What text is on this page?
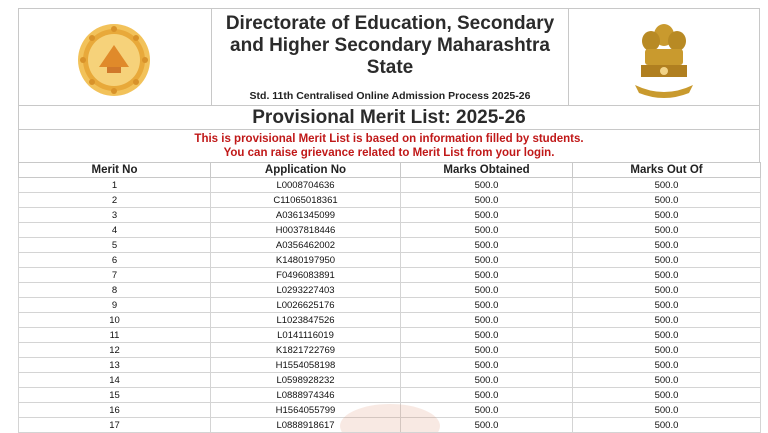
Directorate of Education, Secondary and Higher Secondary Maharashtra State
Std. 11th Centralised Online Admission Process 2025-26
Provisional Merit List: 2025-26
This is provisional Merit List is based on information filled by students.
You can raise grievance related to Merit List from your login.
Merit No	Application No	Marks Obtained	Marks Out Of
1	L0008704636	500.0	500.0
2	C11065018361	500.0	500.0
3	A0361345099	500.0	500.0
4	H0037818446	500.0	500.0
5	A0356462002	500.0	500.0
6	K1480197950	500.0	500.0
7	F0496083891	500.0	500.0
8	L0293227403	500.0	500.0
9	L0026625176	500.0	500.0
10	L1023847526	500.0	500.0
11	L0141116019	500.0	500.0
12	K1821722769	500.0	500.0
13	H1554058198	500.0	500.0
14	L0598928232	500.0	500.0
15	L0888974346	500.0	500.0
16	H1564055799	500.0	500.0
17	L0888918617	500.0	500.0
